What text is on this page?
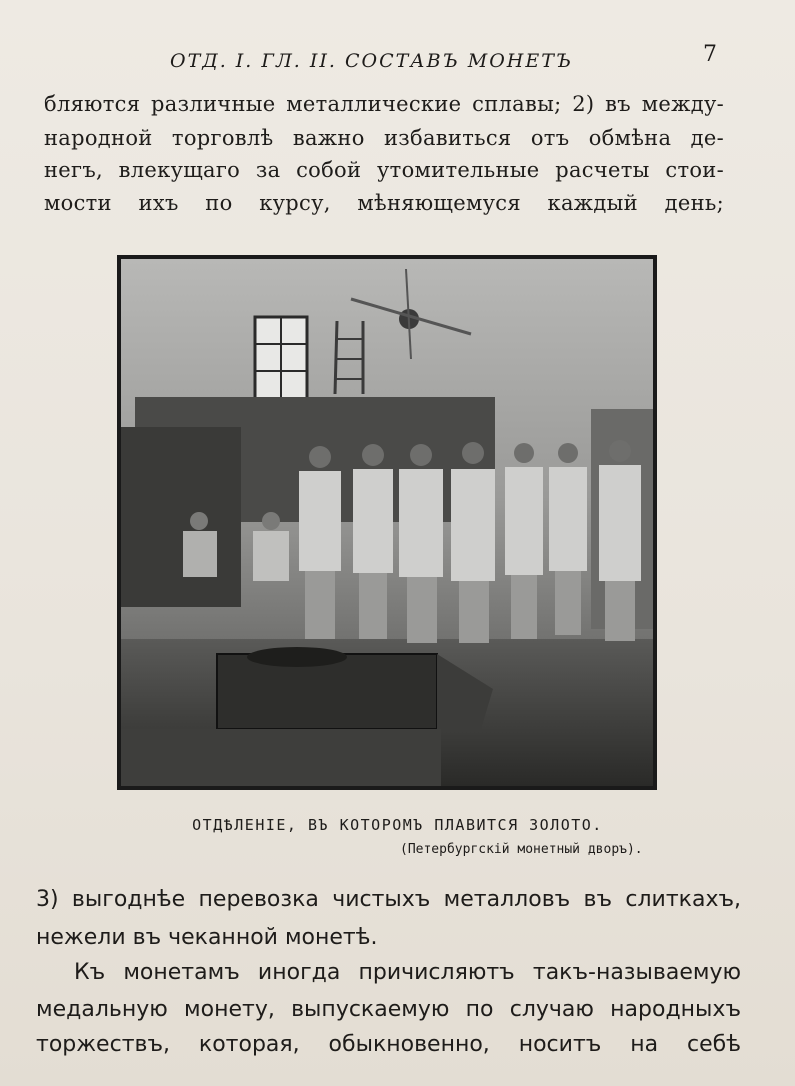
ОТД. I. ГЛ. II. СОСТАВЪ МОНЕТЪ	7
бляются различные металлические сплавы; 2) въ между-
народной торговлѣ важно избавиться отъ обмѣна де-
негъ, влекущаго за собой утомительные расчеты стои-
мости ихъ по курсу, мѣняющемуся каждый день;
ОТДѢЛЕНІЕ, ВЪ КОТОРОМЪ ПЛАВИТСЯ ЗОЛОТО.
(Петербургскій монетный дворъ).
3) выгоднѣе перевозка чистыхъ металловъ въ слиткахъ,
нежели въ чеканной монетѣ.
Къ монетамъ иногда причисляютъ такъ-называемую
медальную монету, выпускаемую по случаю народныхъ
торжествъ, которая, обыкновенно, носитъ на себѣ
